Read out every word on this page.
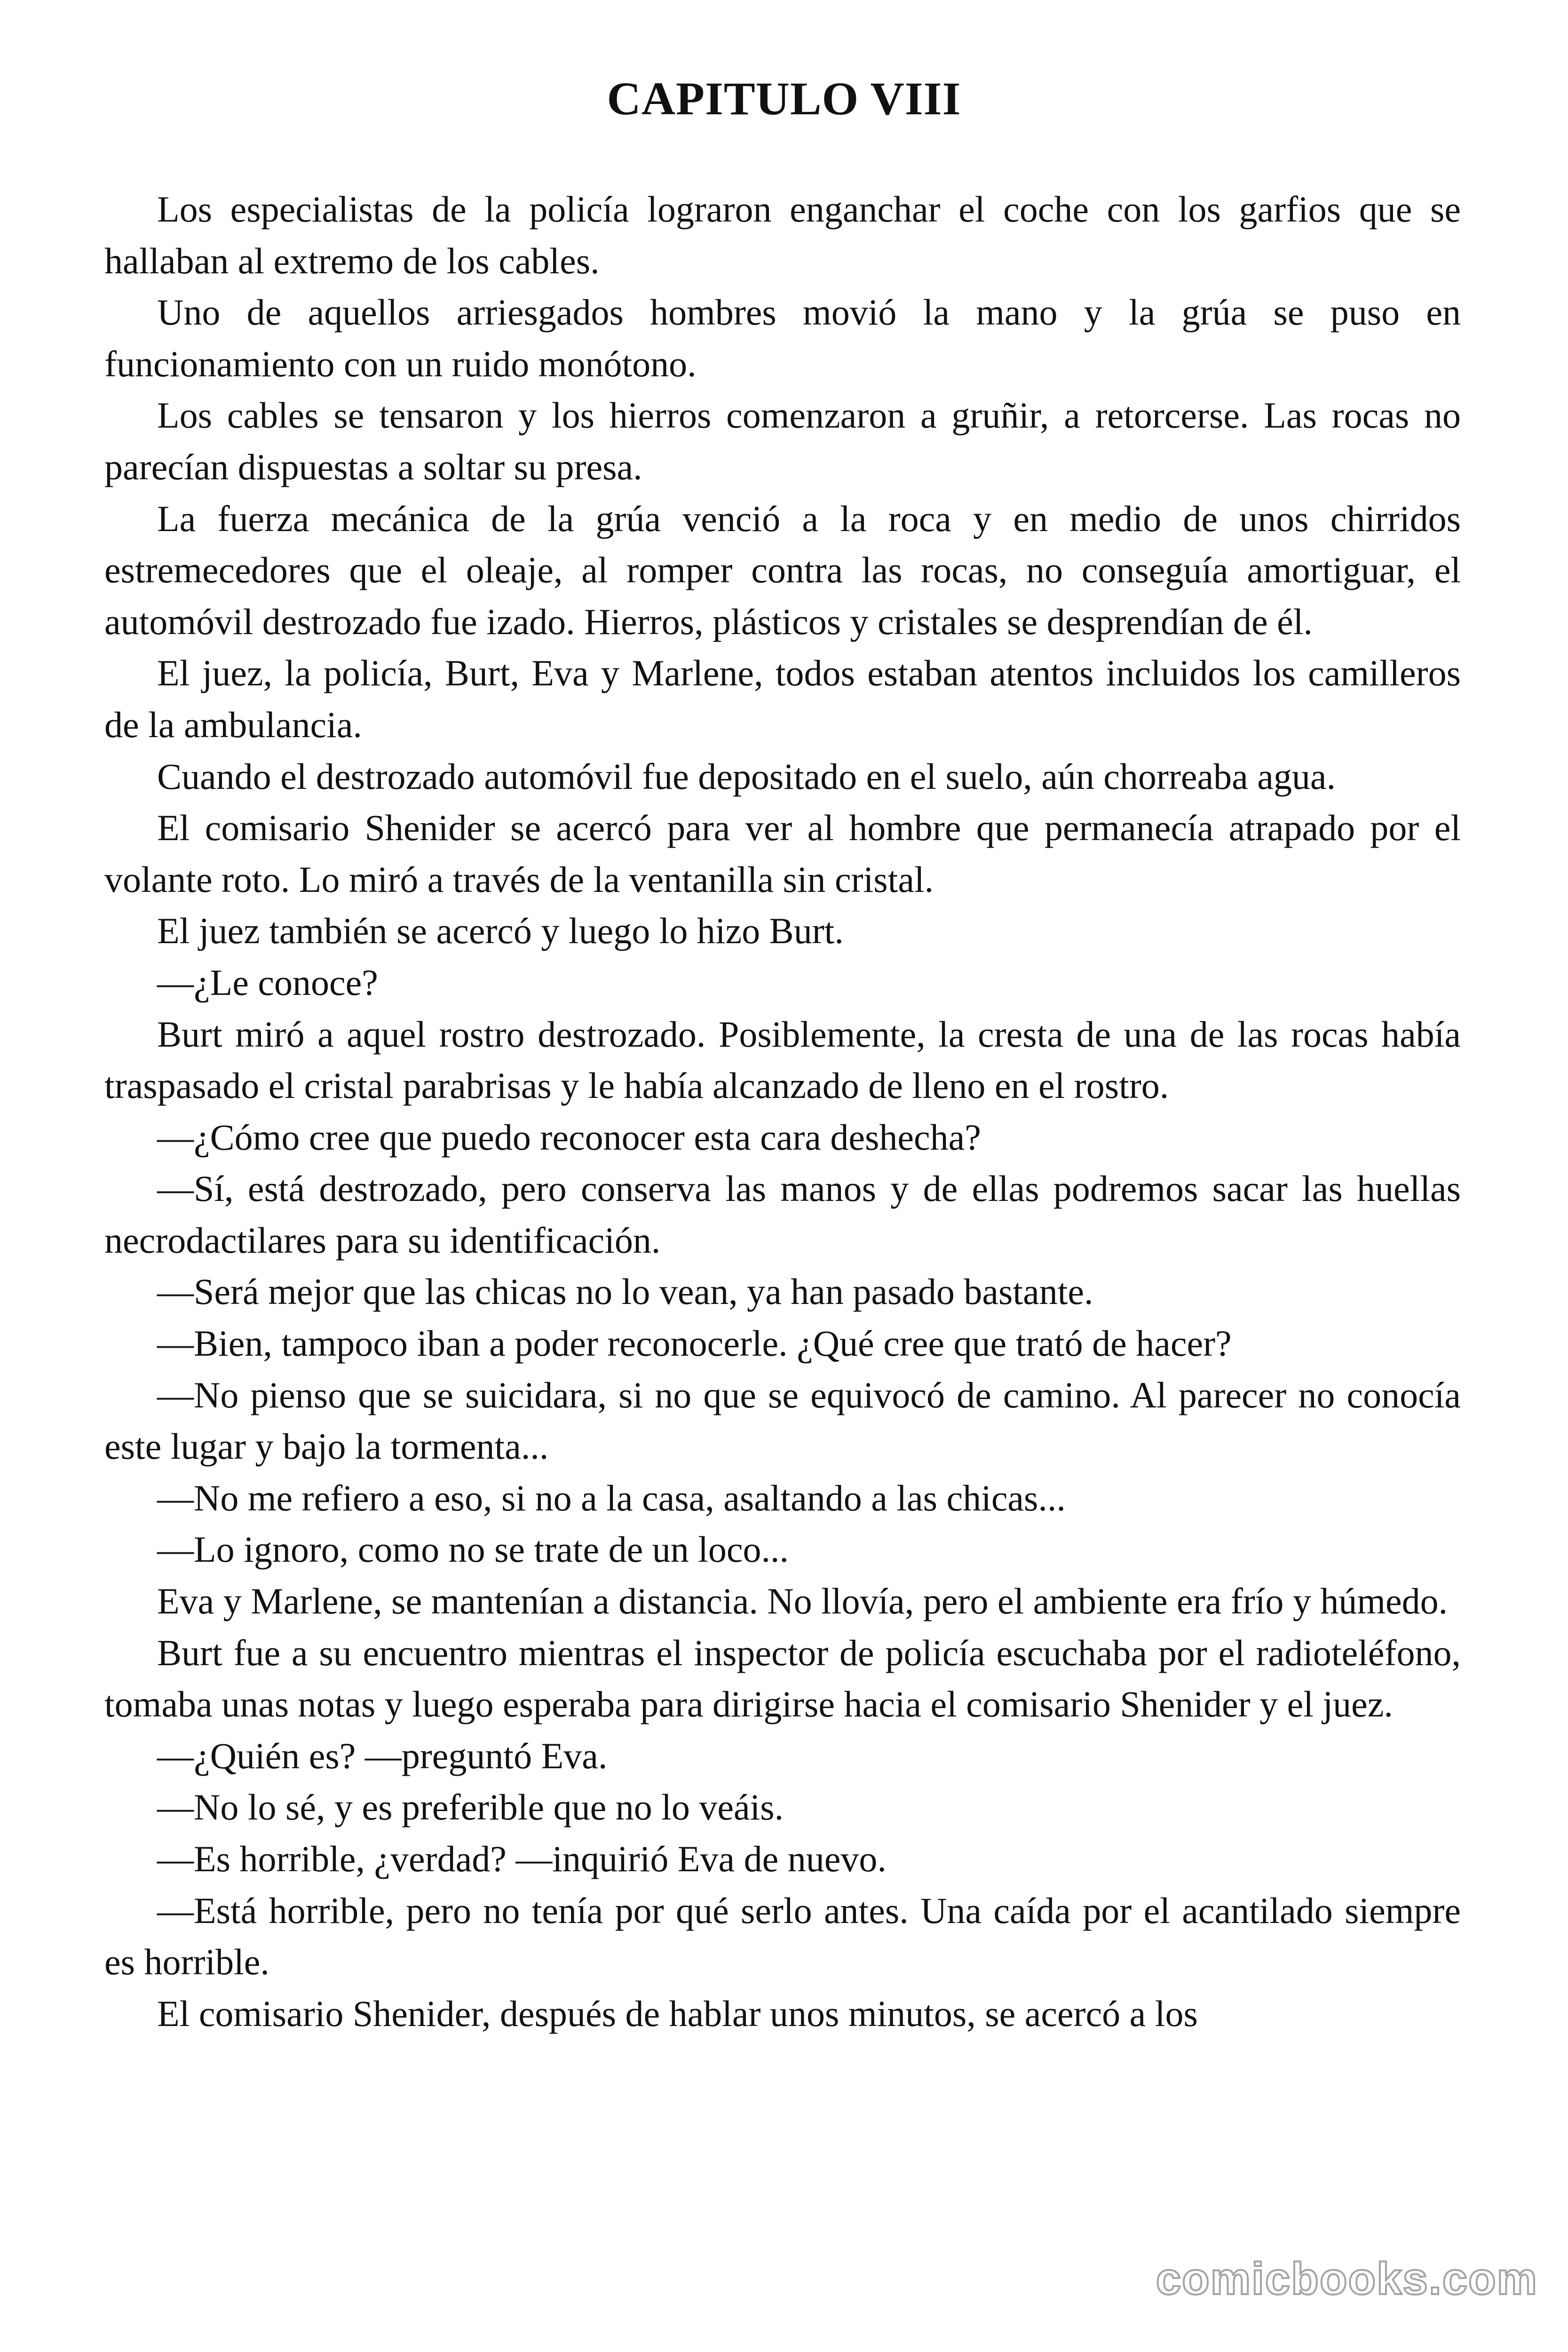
CAPITULO VIII

Los especialistas de la policía lograron enganchar el coche con los garfios que se hallaban al extremo de los cables.

Uno de aquellos arriesgados hombres movió la mano y la grúa se puso en funcionamiento con un ruido monótono.

Los cables se tensaron y los hierros comenzaron a gruñir, a retorcerse. Las rocas no parecían dispuestas a soltar su presa.

La fuerza mecánica de la grúa venció a la roca y en medio de unos chirridos estremecedores que el oleaje, al romper contra las rocas, no conseguía amortiguar, el automóvil destrozado fue izado. Hierros, plásticos y cristales se desprendían de él.

El juez, la policía, Burt, Eva y Marlene, todos estaban atentos incluidos los camilleros de la ambulancia.

Cuando el destrozado automóvil fue depositado en el suelo, aún chorreaba agua.

El comisario Shenider se acercó para ver al hombre que permanecía atrapado por el volante roto. Lo miró a través de la ventanilla sin cristal.

El juez también se acercó y luego lo hizo Burt.

—¿Le conoce?

Burt miró a aquel rostro destrozado. Posiblemente, la cresta de una de las rocas había traspasado el cristal parabrisas y le había alcanzado de lleno en el rostro.

—¿Cómo cree que puedo reconocer esta cara deshecha?

—Sí, está destrozado, pero conserva las manos y de ellas podremos sacar las huellas necrodactilares para su identificación.

—Será mejor que las chicas no lo vean, ya han pasado bastante.

—Bien, tampoco iban a poder reconocerle. ¿Qué cree que trató de hacer?

—No pienso que se suicidara, si no que se equivocó de camino. Al parecer no conocía este lugar y bajo la tormenta...

—No me refiero a eso, si no a la casa, asaltando a las chicas...

—Lo ignoro, como no se trate de un loco...

Eva y Marlene, se mantenían a distancia. No llovía, pero el ambiente era frío y húmedo.

Burt fue a su encuentro mientras el inspector de policía escuchaba por el radioteléfono, tomaba unas notas y luego esperaba para dirigirse hacia el comisario Shenider y el juez.

—¿Quién es? —preguntó Eva.

—No lo sé, y es preferible que no lo veáis.

—Es horrible, ¿verdad? —inquirió Eva de nuevo.

—Está horrible, pero no tenía por qué serlo antes. Una caída por el acantilado siempre es horrible.

El comisario Shenider, después de hablar unos minutos, se acercó a los

comicbooks.com
